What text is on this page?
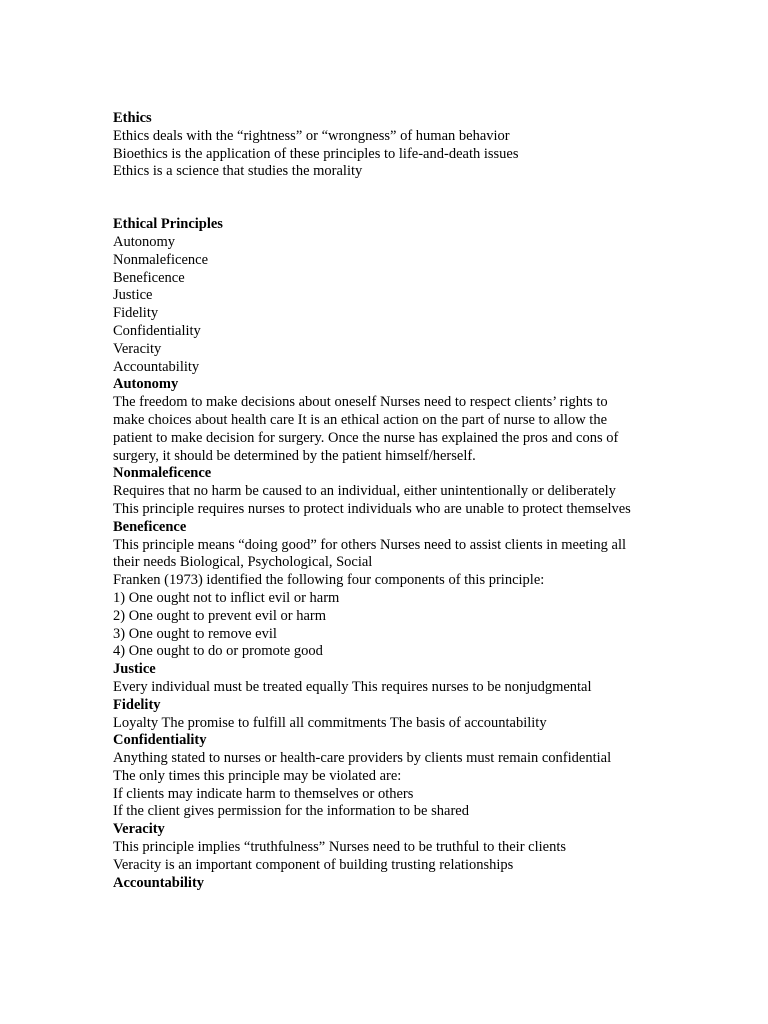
Ethics
Ethics deals with the “rightness” or “wrongness” of human behavior
Bioethics is the application of these principles to life-and-death issues
Ethics is a science that studies the morality
Ethical Principles
Autonomy
Nonmaleficence
Beneficence
Justice
Fidelity
Confidentiality
Veracity
Accountability
Autonomy
The freedom to make decisions about oneself Nurses need to respect clients’ rights to
make choices about health care It is an ethical action on the part of nurse to allow the
patient to make decision for surgery. Once the nurse has explained the pros and cons of
surgery, it should be determined by the patient himself/herself.
Nonmaleficence
Requires that no harm be caused to an individual, either unintentionally or deliberately
This principle requires nurses to protect individuals who are unable to protect themselves
Beneficence
This principle means “doing good” for others Nurses need to assist clients in meeting all
their needs Biological, Psychological, Social
Franken (1973) identified the following four components of this principle:
1) One ought not to inflict evil or harm
2) One ought to prevent evil or harm
3) One ought to remove evil
4) One ought to do or promote good
Justice
Every individual must be treated equally This requires nurses to be nonjudgmental
Fidelity
Loyalty The promise to fulfill all commitments The basis of accountability
Confidentiality
Anything stated to nurses or health-care providers by clients must remain confidential
The only times this principle may be violated are:
If clients may indicate harm to themselves or others
If the client gives permission for the information to be shared
Veracity
This principle implies “truthfulness” Nurses need to be truthful to their clients
Veracity is an important component of building trusting relationships
Accountability
